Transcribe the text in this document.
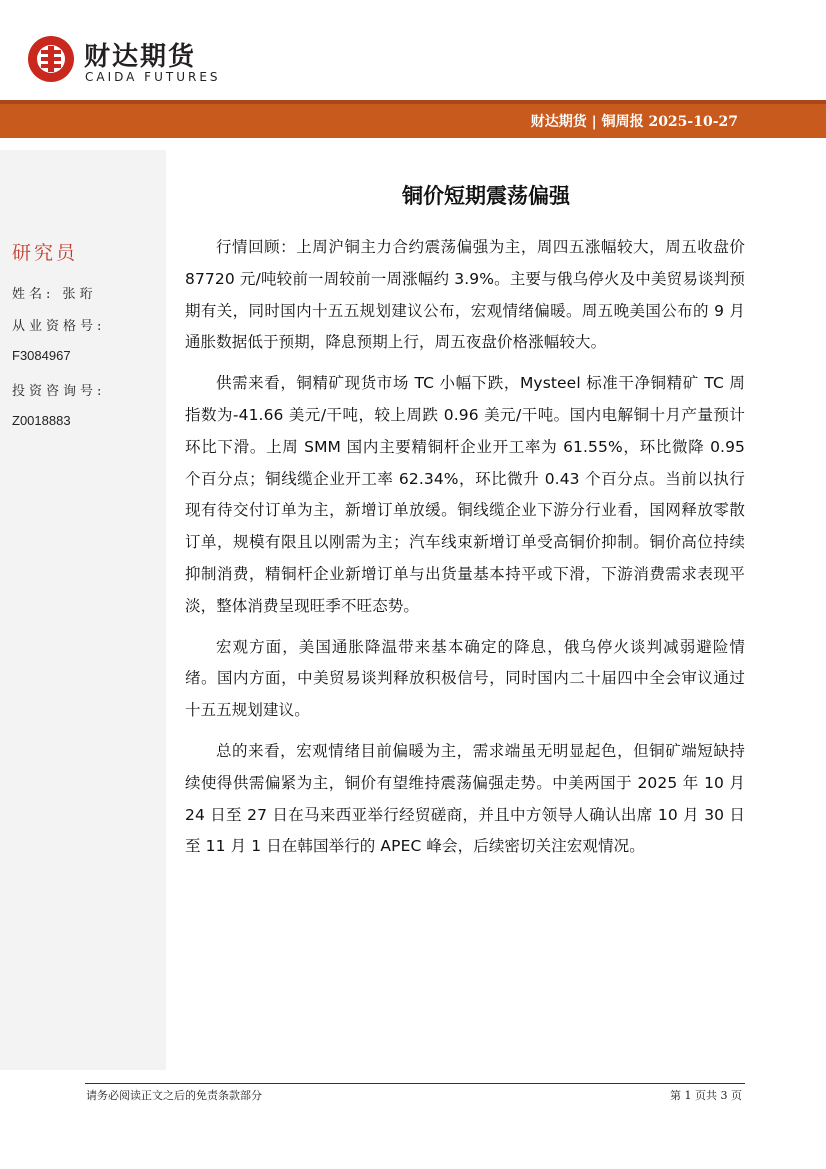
财达期货
CAIDA FUTURES
财达期货 | 铜周报 2025-10-27
研究员
姓名: 张珩
从业资格号:
F3084967
投资咨询号:
Z0018883
铜价短期震荡偏强

行情回顾：上周沪铜主力合约震荡偏强为主，周四五涨幅较大，周五收盘价 87720 元/吨较前一周较前一周涨幅约 3.9%。主要与俄乌停火及中美贸易谈判预期有关，同时国内十五五规划建议公布，宏观情绪偏暖。周五晚美国公布的 9 月通胀数据低于预期，降息预期上行，周五夜盘价格涨幅较大。

供需来看，铜精矿现货市场 TC 小幅下跌，Mysteel 标准干净铜精矿 TC 周指数为-41.66 美元/干吨，较上周跌 0.96 美元/干吨。国内电解铜十月产量预计环比下滑。上周 SMM 国内主要精铜杆企业开工率为 61.55%，环比微降 0.95 个百分点；铜线缆企业开工率 62.34%，环比微升 0.43 个百分点。当前以执行现有待交付订单为主，新增订单放缓。铜线缆企业下游分行业看，国网释放零散订单，规模有限且以刚需为主；汽车线束新增订单受高铜价抑制。铜价高位持续抑制消费，精铜杆企业新增订单与出货量基本持平或下滑，下游消费需求表现平淡，整体消费呈现旺季不旺态势。

宏观方面，美国通胀降温带来基本确定的降息，俄乌停火谈判减弱避险情绪。国内方面，中美贸易谈判释放积极信号，同时国内二十届四中全会审议通过十五五规划建议。

总的来看，宏观情绪目前偏暖为主，需求端虽无明显起色，但铜矿端短缺持续使得供需偏紧为主，铜价有望维持震荡偏强走势。中美两国于 2025 年 10 月 24 日至 27 日在马来西亚举行经贸磋商，并且中方领导人确认出席 10 月 30 日至 11 月 1 日在韩国举行的 APEC 峰会，后续密切关注宏观情况。

请务必阅读正文之后的免责条款部分	第 1 页共 3 页
